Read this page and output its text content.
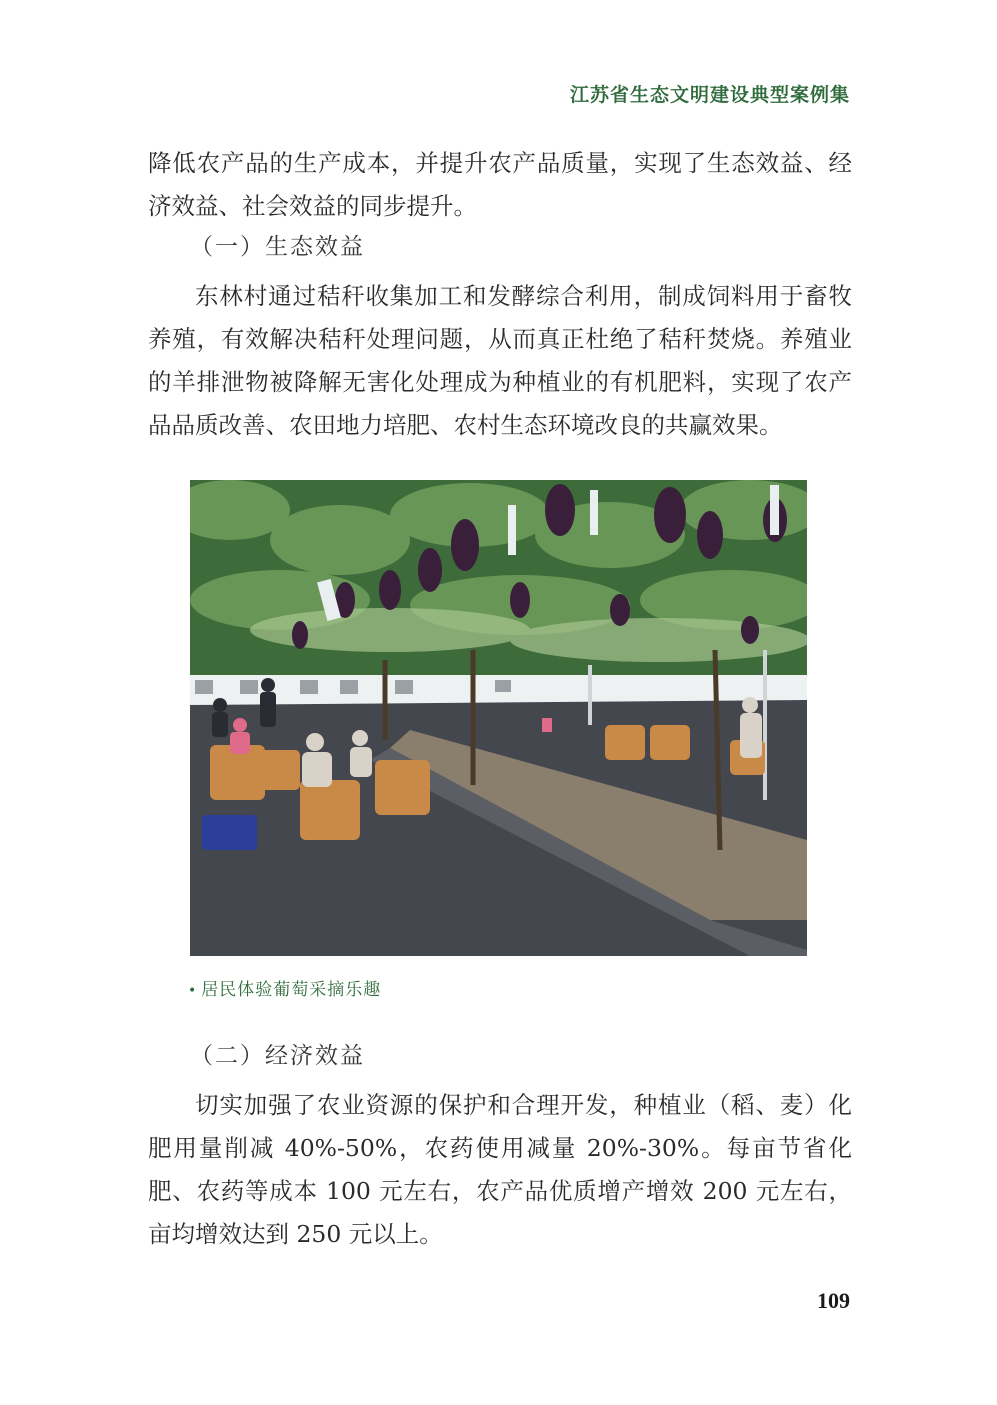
江苏省生态文明建设典型案例集

降低农产品的生产成本，并提升农产品质量，实现了生态效益、经济效益、社会效益的同步提升。

（一）生态效益

东林村通过秸秆收集加工和发酵综合利用，制成饲料用于畜牧养殖，有效解决秸秆处理问题，从而真正杜绝了秸秆焚烧。养殖业的羊排泄物被降解无害化处理成为种植业的有机肥料，实现了农产品品质改善、农田地力培肥、农村生态环境改良的共赢效果。

• 居民体验葡萄采摘乐趣
（二）经济效益

切实加强了农业资源的保护和合理开发，种植业（稻、麦）化肥用量削减 40%-50%，农药使用减量 20%-30%。每亩节省化肥、农药等成本 100 元左右，农产品优质增产增效 200 元左右，亩均增效达到 250 元以上。

109
